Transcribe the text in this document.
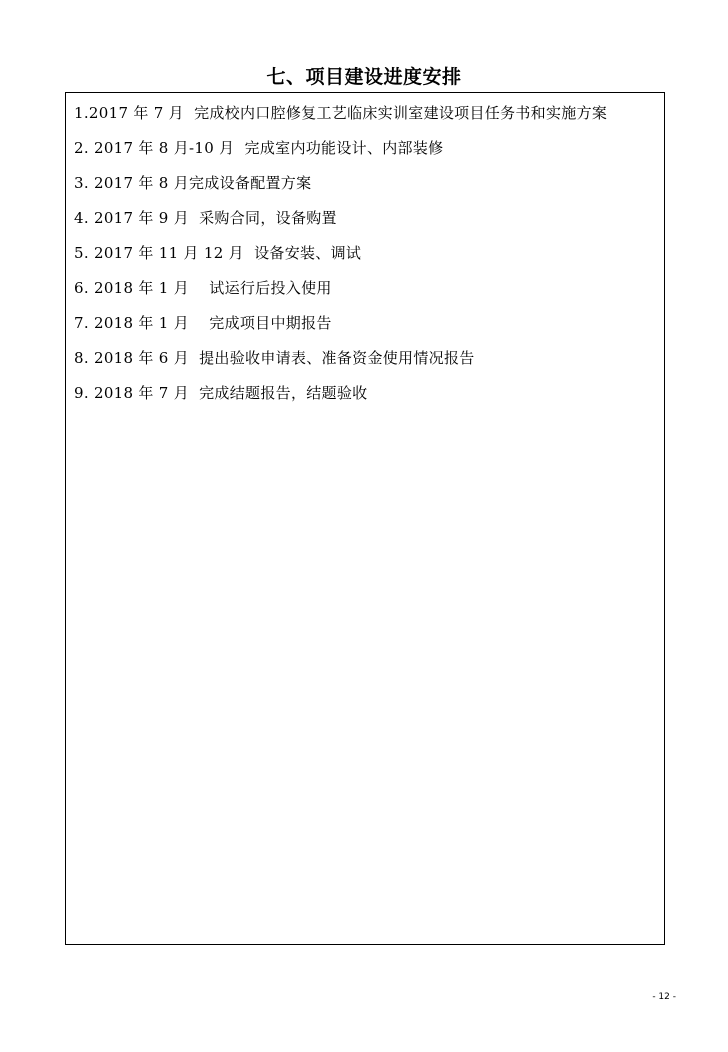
七、项目建设进度安排
1.2017 年 7 月  完成校内口腔修复工艺临床实训室建设项目任务书和实施方案
2. 2017 年 8 月-10 月  完成室内功能设计、内部装修
3. 2017 年 8 月完成设备配置方案
4. 2017 年 9 月  采购合同，设备购置
5. 2017 年 11 月 12 月  设备安装、调试
6. 2018 年 1 月    试运行后投入使用
7. 2018 年 1 月    完成项目中期报告
8. 2018 年 6 月  提出验收申请表、准备资金使用情况报告
9. 2018 年 7 月  完成结题报告，结题验收
- 12 -
